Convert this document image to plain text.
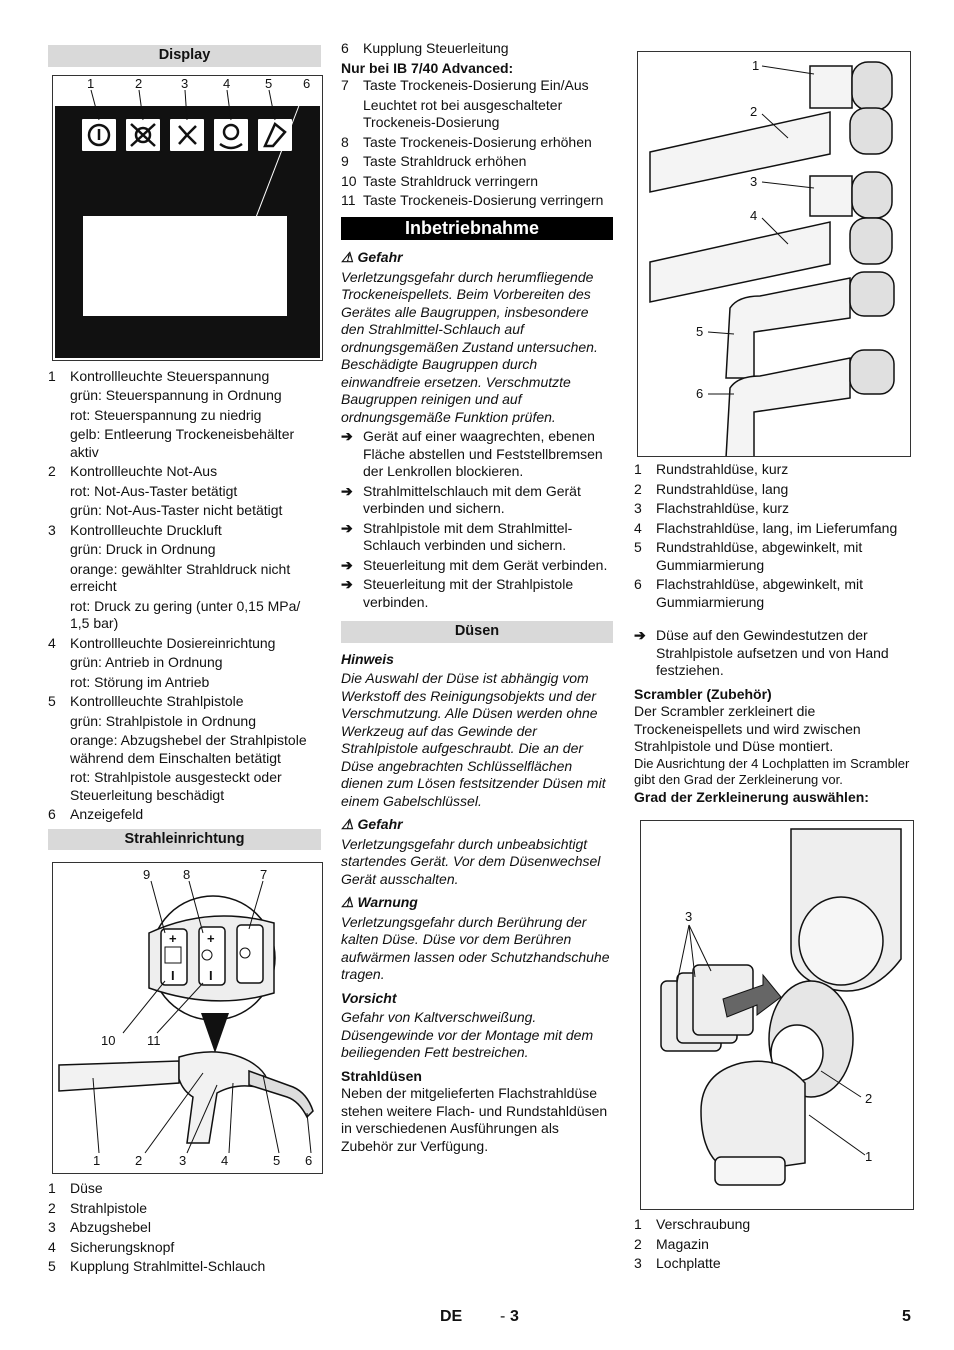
Display
1	2	3	4	5 6
1	Kontrollleuchte Steuerspannung
grün: Steuerspannung in Ordnung
rot: Steuerspannung zu niedrig
gelb: Entleerung Trockeneisbehälter aktiv
2	Kontrollleuchte Not-Aus
rot: Not-Aus-Taster betätigt
grün: Not-Aus-Taster nicht betätigt
3	Kontrollleuchte Druckluft
grün: Druck in Ordnung
orange: gewählter Strahldruck nicht erreicht
rot: Druck zu gering (unter 0,15 MPa/ 1,5 bar)
4	Kontrollleuchte Dosiereinrichtung
grün: Antrieb in Ordnung
rot: Störung im Antrieb
5	Kontrollleuchte Strahlpistole
grün: Strahlpistole in Ordnung
orange: Abzugshebel der Strahlpistole während dem Einschalten betätigt
rot: Strahlpistole ausgesteckt oder Steuerleitung beschädigt
6	Anzeigefeld
Strahleinrichtung
+ +
I	I
9	8	7
10 11
1	2	3	4	5 6
1	Düse
2	Strahlpistole
3	Abzugshebel
4	Sicherungsknopf
5	Kupplung Strahlmittel-Schlauch
6	Kupplung Steuerleitung
Nur bei IB 7/40 Advanced:
7	Taste Trockeneis-Dosierung Ein/Aus
Leuchtet rot bei ausgeschalteter Trockeneis-Dosierung
8	Taste Trockeneis-Dosierung erhöhen
9	Taste Strahldruck erhöhen
10 Taste Strahldruck verringern
11 Taste Trockeneis-Dosierung verringern
Inbetriebnahme
⚠ Gefahr
Verletzungsgefahr durch herumfliegende Trockeneispellets. Beim Vorbereiten des Gerätes alle Baugruppen, insbesondere den Strahlmittel-Schlauch auf ordnungsgemäßen Zustand untersuchen. Beschädigte Baugruppen durch einwandfreie ersetzen. Verschmutzte Baugruppen reinigen und auf ordnungsgemäße Funktion prüfen.
➔ Gerät auf einer waagrechten, ebenen Fläche abstellen und Feststellbremsen der Lenkrollen blockieren.
➔ Strahlmittelschlauch mit dem Gerät verbinden und sichern.
➔ Strahlpistole mit dem Strahlmittel-Schlauch verbinden und sichern.
➔ Steuerleitung mit dem Gerät verbinden.
➔ Steuerleitung mit der Strahlpistole verbinden.
Düsen
Hinweis
Die Auswahl der Düse ist abhängig vom Werkstoff des Reinigungsobjekts und der Verschmutzung. Alle Düsen werden ohne Werkzeug auf das Gewinde der Strahlpistole aufgeschraubt. Die an der Düse angebrachten Schlüsselflächen dienen zum Lösen festsitzender Düsen mit einem Gabelschlüssel.
⚠ Gefahr
Verletzungsgefahr durch unbeabsichtigt startendes Gerät. Vor dem Düsenwechsel Gerät ausschalten.
⚠ Warnung
Verletzungsgefahr durch Berührung der kalten Düse. Düse vor dem Berühren aufwärmen lassen oder Schutzhandschuhe tragen.
Vorsicht
Gefahr von Kaltverschweißung. Düsengewinde vor der Montage mit dem beiliegenden Fett bestreichen.
Strahldüsen
Neben der mitgelieferten Flachstrahldüse stehen weitere Flach- und Rundstahldüsen in verschiedenen Ausführungen als Zubehör zur Verfügung.
1
2
3
4
5
6
1	Rundstrahldüse, kurz
2	Rundstrahldüse, lang
3	Flachstrahldüse, kurz
4	Flachstrahldüse, lang, im Lieferumfang
5	Rundstrahldüse, abgewinkelt, mit Gummiarmierung
6	Flachstrahldüse, abgewinkelt, mit Gummiarmierung
➔ Düse auf den Gewindestutzen der Strahlpistole aufsetzen und von Hand festziehen.
Scrambler (Zubehör)
Der Scrambler zerkleinert die Trockeneispellets und wird zwischen Strahlpistole und Düse montiert.
Die Ausrichtung der 4 Lochplatten im Scrambler gibt den Grad der Zerkleinerung vor.
Grad der Zerkleinerung auswählen:
3
2
1
1	Verschraubung
2	Magazin
3	Lochplatte
DE - 3	5
